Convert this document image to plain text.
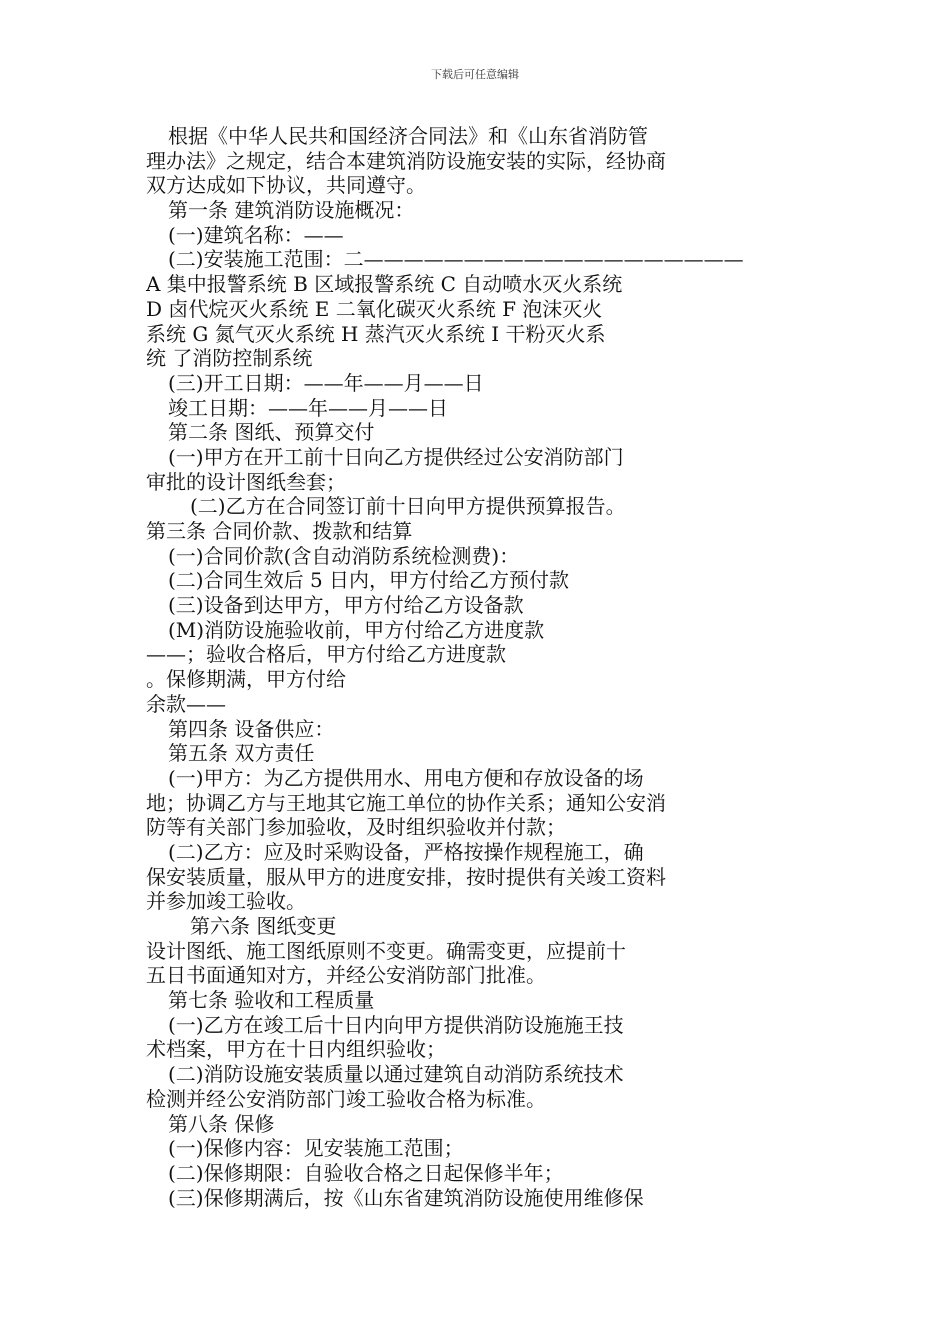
下载后可任意编辑
根据《中华人民共和国经济合同法》和《山东省消防管
理办法》之规定，结合本建筑消防设施安装的实际，经协商
双方达成如下协议，共同遵守。
第一条 建筑消防设施概况：
(一)建筑名称：——
(二)安装施工范围：二———————————————————
A 集中报警系统 B 区域报警系统 C 自动喷水灭火系统
D 卤代烷灭火系统 E 二氧化碳灭火系统 F 泡沫灭火
系统 G 氮气灭火系统 H 蒸汽灭火系统 I 干粉灭火系
统 了消防控制系统
(三)开工日期：——年——月——日
竣工日期：——年——月——日
第二条 图纸、预算交付
(一)甲方在开工前十日向乙方提供经过公安消防部门
审批的设计图纸叁套；
(二)乙方在合同签订前十日向甲方提供预算报告。
第三条 合同价款、拨款和结算
(一)合同价款(含自动消防系统检测费)：
(二)合同生效后 5 日内，甲方付给乙方预付款
(三)设备到达甲方，甲方付给乙方设备款
(M)消防设施验收前，甲方付给乙方进度款
——；验收合格后，甲方付给乙方进度款
。保修期满，甲方付给
余款——
第四条 设备供应：
第五条 双方责任
(一)甲方：为乙方提供用水、用电方便和存放设备的场
地；协调乙方与王地其它施工单位的协作关系；通知公安消
防等有关部门参加验收，及时组织验收并付款；
(二)乙方：应及时采购设备，严格按操作规程施工，确
保安装质量，服从甲方的进度安排，按时提供有关竣工资料
并参加竣工验收。
第六条 图纸变更
设计图纸、施工图纸原则不变更。确需变更，应提前十
五日书面通知对方，并经公安消防部门批准。
第七条 验收和工程质量
(一)乙方在竣工后十日内向甲方提供消防设施施王技
术档案，甲方在十日内组织验收；
(二)消防设施安装质量以通过建筑自动消防系统技术
检测并经公安消防部门竣工验收合格为标准。
第八条 保修
(一)保修内容：见安装施工范围；
(二)保修期限：自验收合格之日起保修半年；
(三)保修期满后，按《山东省建筑消防设施使用维修保
